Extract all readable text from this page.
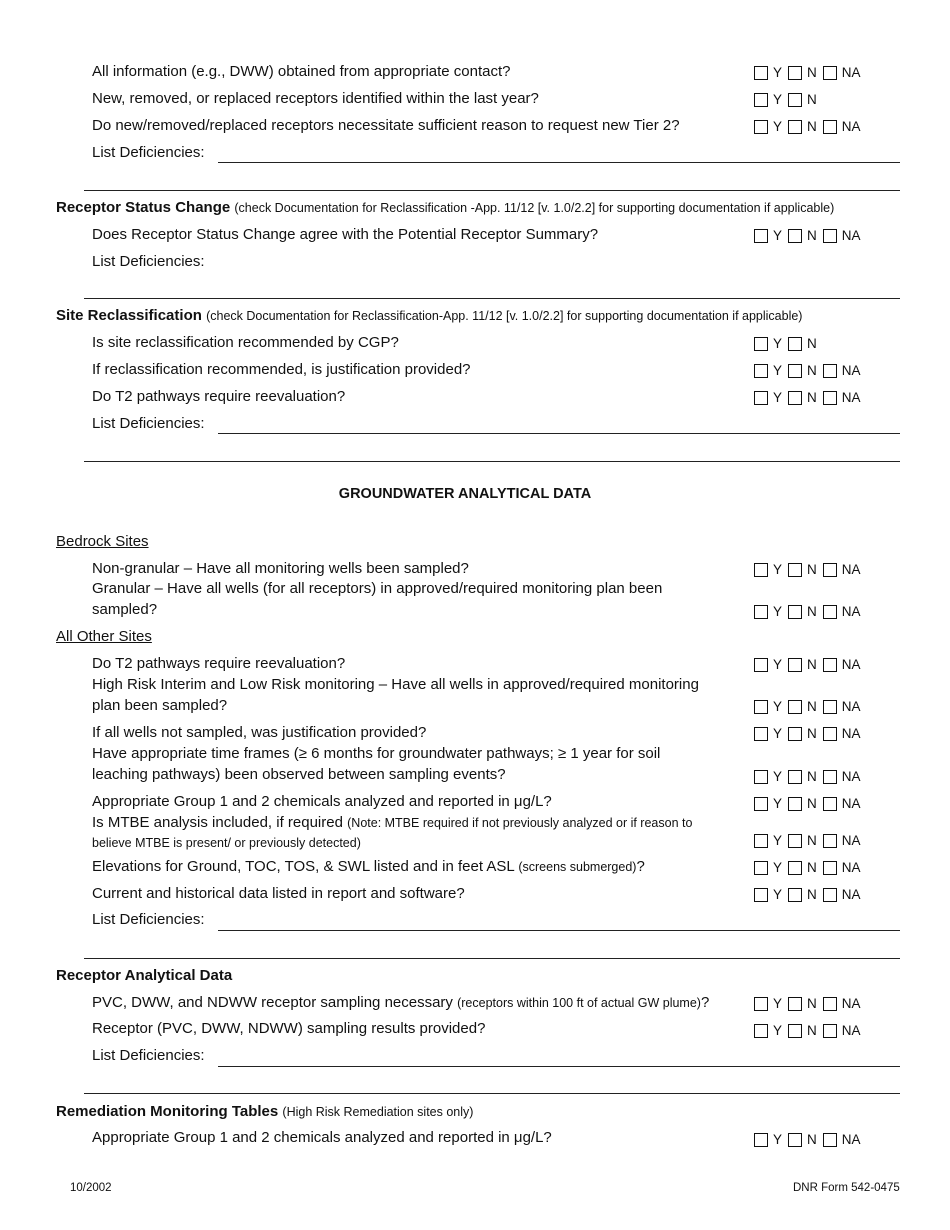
All information (e.g., DWW) obtained from appropriate contact?	Y N NA
New, removed, or replaced receptors identified within the last year?	Y N
Do new/removed/replaced receptors necessitate sufficient reason to request new Tier 2?	Y N NA
List Deficiencies:
Receptor Status Change (check Documentation for Reclassification -App. 11/12 [v. 1.0/2.2] for supporting documentation if applicable)
Does Receptor Status Change agree with the Potential Receptor Summary?	Y N NA
List Deficiencies:
Site Reclassification (check Documentation for Reclassification-App. 11/12 [v. 1.0/2.2] for supporting documentation if applicable)
Is site reclassification recommended by CGP?	Y N
If reclassification recommended, is justification provided?	Y N NA
Do T2 pathways require reevaluation?	Y N NA
List Deficiencies:
GROUNDWATER ANALYTICAL DATA
Bedrock Sites
Non-granular – Have all monitoring wells been sampled?	Y N NA
Granular – Have all wells (for all receptors) in approved/required monitoring plan been
sampled?	Y N NA
All Other Sites
Do T2 pathways require reevaluation?	Y N NA
High Risk Interim and Low Risk monitoring – Have all wells in approved/required monitoring
plan been sampled?	Y N NA
If all wells not sampled, was justification provided?	Y N NA
Have appropriate time frames (≥ 6 months for groundwater pathways; ≥ 1 year for soil
leaching pathways) been observed between sampling events?	Y N NA
Appropriate Group 1 and 2 chemicals analyzed and reported in μg/L?	Y N NA
Is MTBE analysis included, if required (Note: MTBE required if not previously analyzed or if reason to
believe MTBE is present/ or previously detected)	Y N NA
Elevations for Ground, TOC, TOS, & SWL listed and in feet ASL (screens submerged)?	Y N NA
Current and historical data listed in report and software?	Y N NA
List Deficiencies:
Receptor Analytical Data
PVC, DWW, and NDWW receptor sampling necessary (receptors within 100 ft of actual GW plume)?	Y N NA
Receptor (PVC, DWW, NDWW) sampling results provided?	Y N NA
List Deficiencies:
Remediation Monitoring Tables (High Risk Remediation sites only)
Appropriate Group 1 and 2 chemicals analyzed and reported in μg/L?	Y N NA
10/2002	DNR Form 542-0475
